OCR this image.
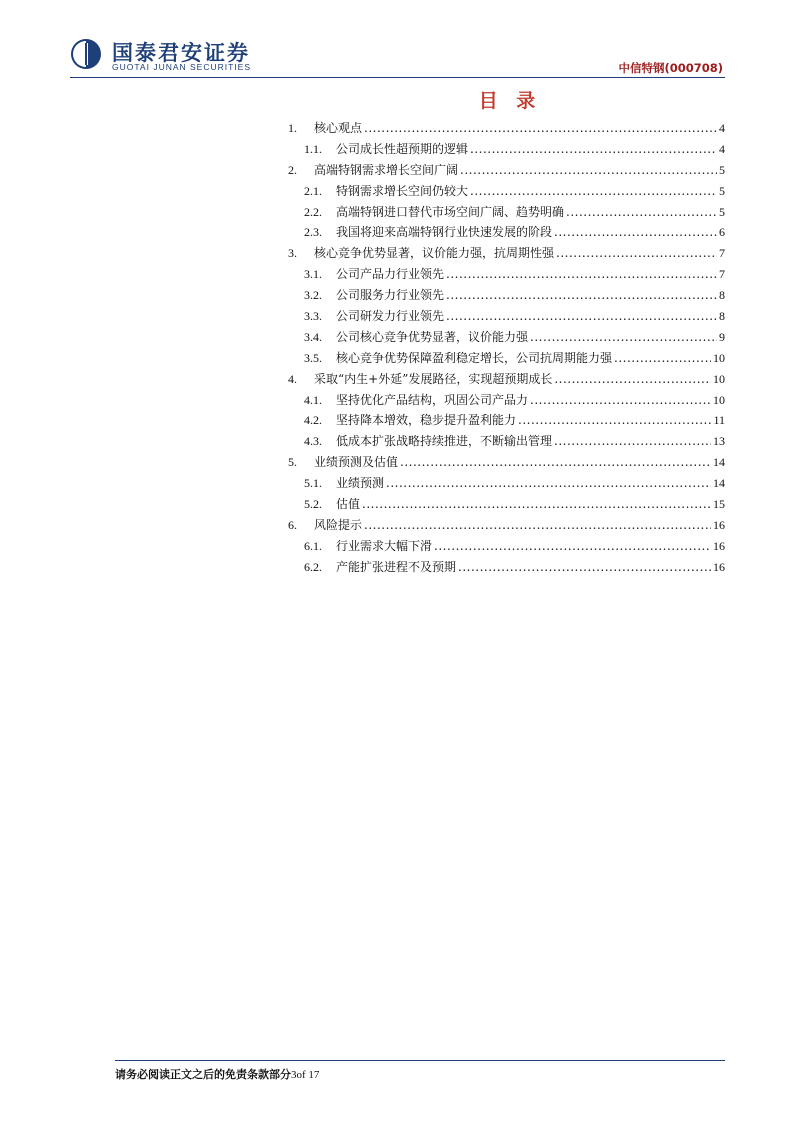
国泰君安证券
GUOTAI JUNAN SECURITIES	中信特钢(000708)
目 录
1.	核心观点 .....	4
1.1.	公司成长性超预期的逻辑 .....	4
2.	高端特钢需求增长空间广阔 .....	5
2.1.	特钢需求增长空间仍较大 .....	5
2.2.	高端特钢进口替代市场空间广阔、趋势明确 .....	5
2.3.	我国将迎来高端特钢行业快速发展的阶段 .....	6
3.	核心竞争优势显著，议价能力强，抗周期性强 .....	7
3.1.	公司产品力行业领先 .....	7
3.2.	公司服务力行业领先 .....	8
3.3.	公司研发力行业领先 .....	8
3.4.	公司核心竞争优势显著，议价能力强 .....	9
3.5.	核心竞争优势保障盈利稳定增长，公司抗周期能力强 .....	10
4.	采取“内生+外延”发展路径，实现超预期成长 .....	10
4.1.	坚持优化产品结构，巩固公司产品力 .....	10
4.2.	坚持降本增效，稳步提升盈利能力 .....	11
4.3.	低成本扩张战略持续推进，不断输出管理 .....	13
5.	业绩预测及估值 .....	14
5.1.	业绩预测 .....	14
5.2.	估值 .....	15
6.	风险提示 .....	16
6.1.	行业需求大幅下滑 .....	16
6.2.	产能扩张进程不及预期 .....	16
请务必阅读正文之后的免责条款部分3of 17
